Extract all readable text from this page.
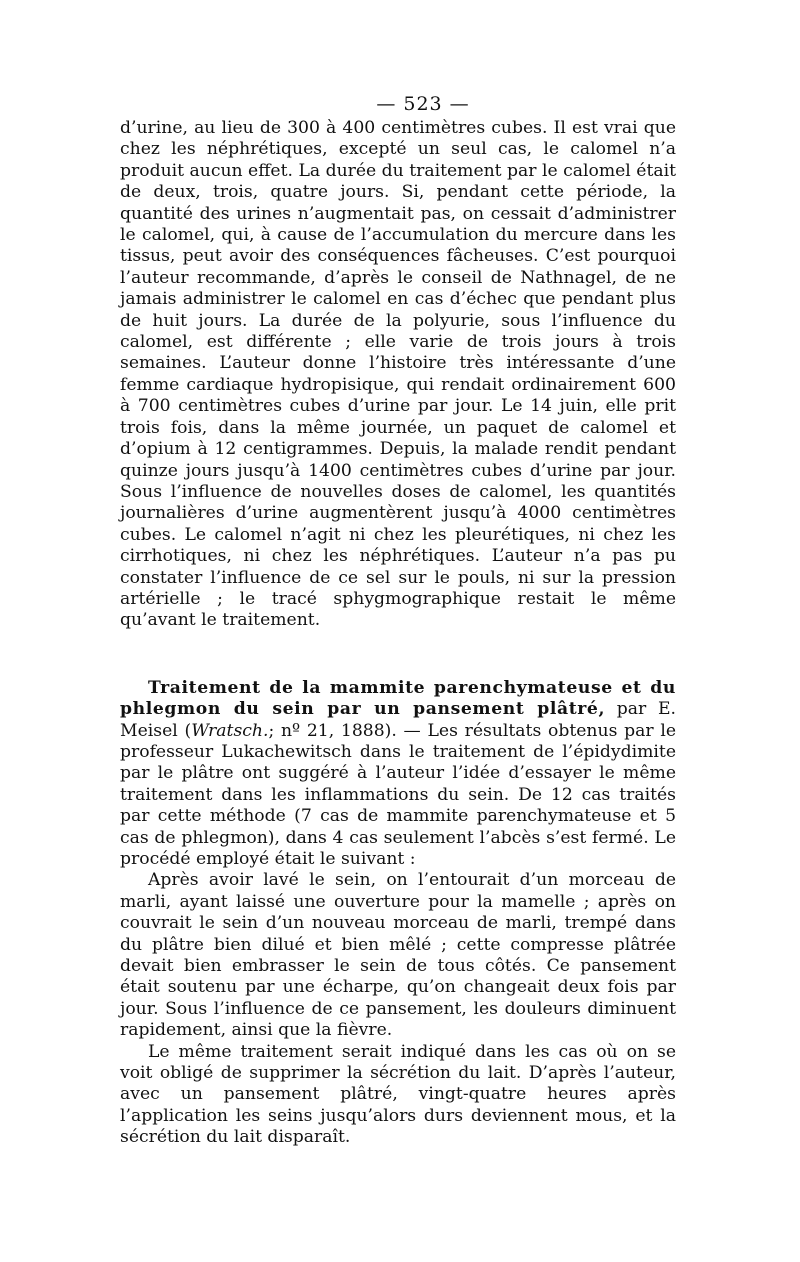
— 523 —

d’urine, au lieu de 300 à 400 centimètres cubes. Il est vrai que chez les néphrétiques, excepté un seul cas, le calomel n’a produit aucun effet. La durée du traitement par le calomel était de deux, trois, quatre jours. Si, pendant cette période, la quantité des urines n’augmentait pas, on cessait d’administrer le calomel, qui, à cause de l’accumulation du mercure dans les tissus, peut avoir des conséquences fâcheuses. C’est pourquoi l’auteur recommande, d’après le conseil de Nathnagel, de ne jamais administrer le calomel en cas d’échec que pendant plus de huit jours. La durée de la polyurie, sous l’influence du calomel, est différente ; elle varie de trois jours à trois semaines. L’auteur donne l’histoire très intéressante d’une femme cardiaque hydropisique, qui rendait ordinairement 600 à 700 centimètres cubes d’urine par jour. Le 14 juin, elle prit trois fois, dans la même journée, un paquet de calomel et d’opium à 12 centigrammes. Depuis, la malade rendit pendant quinze jours jusqu’à 1400 centimètres cubes d’urine par jour. Sous l’influence de nouvelles doses de calomel, les quantités journalières d’urine augmentèrent jusqu’à 4000 centimètres cubes. Le calomel n’agit ni chez les pleurétiques, ni chez les cirrhotiques, ni chez les néphrétiques. L’auteur n’a pas pu constater l’influence de ce sel sur le pouls, ni sur la pression artérielle ; le tracé sphygmographique restait le même qu’avant le traitement.

Traitement de la mammite parenchymateuse et du phlegmon du sein par un pansement plâtré, par E. Meisel (Wratsch.; nº 21, 1888). — Les résultats obtenus par le professeur Lukachewitsch dans le traitement de l’épidydimite par le plâtre ont suggéré à l’auteur l’idée d’essayer le même traitement dans les inflammations du sein. De 12 cas traités par cette méthode (7 cas de mammite parenchymateuse et 5 cas de phlegmon), dans 4 cas seulement l’abcès s’est fermé. Le procédé employé était le suivant :

Après avoir lavé le sein, on l’entourait d’un morceau de marli, ayant laissé une ouverture pour la mamelle ; après on couvrait le sein d’un nouveau morceau de marli, trempé dans du plâtre bien dilué et bien mêlé ; cette compresse plâtrée devait bien embrasser le sein de tous côtés. Ce pansement était soutenu par une écharpe, qu’on changeait deux fois par jour. Sous l’influence de ce pansement, les douleurs diminuent rapidement, ainsi que la fièvre.

Le même traitement serait indiqué dans les cas où on se voit obligé de supprimer la sécrétion du lait. D’après l’auteur, avec un pansement plâtré, vingt-quatre heures après l’application les seins jusqu’alors durs deviennent mous, et la sécrétion du lait disparaît.
